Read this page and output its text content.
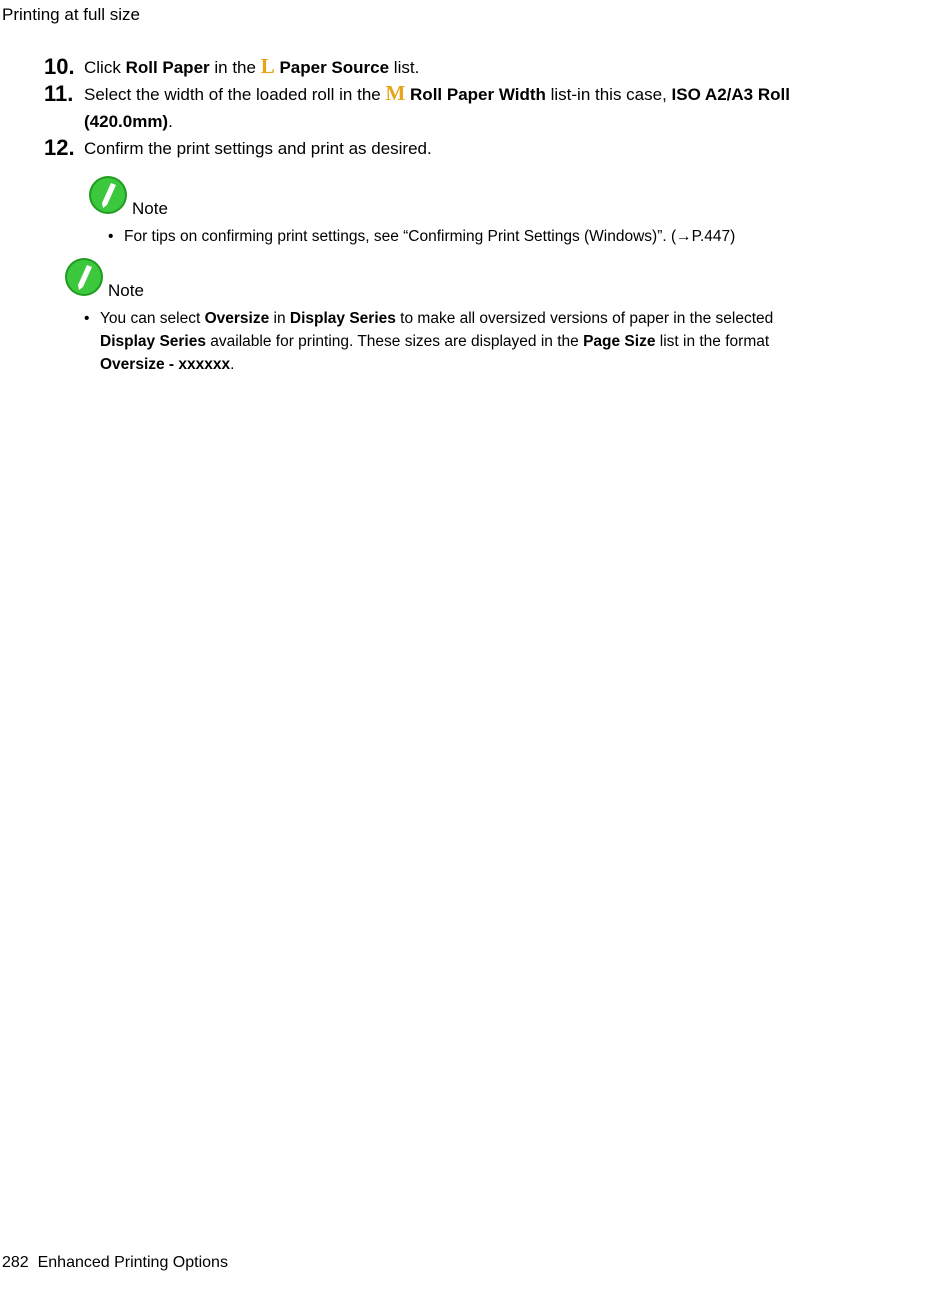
Printing at full size
10. Click Roll Paper in the L Paper Source list.
11. Select the width of the loaded roll in the M Roll Paper Width list-in this case, ISO A2/A3 Roll (420.0mm).
12. Confirm the print settings and print as desired.
Note
• For tips on confirming print settings, see “Confirming Print Settings (Windows)”. (→P.447)
Note
• You can select Oversize in Display Series to make all oversized versions of paper in the selected Display Series available for printing. These sizes are displayed in the Page Size list in the format Oversize - xxxxxx.
282 Enhanced Printing Options
